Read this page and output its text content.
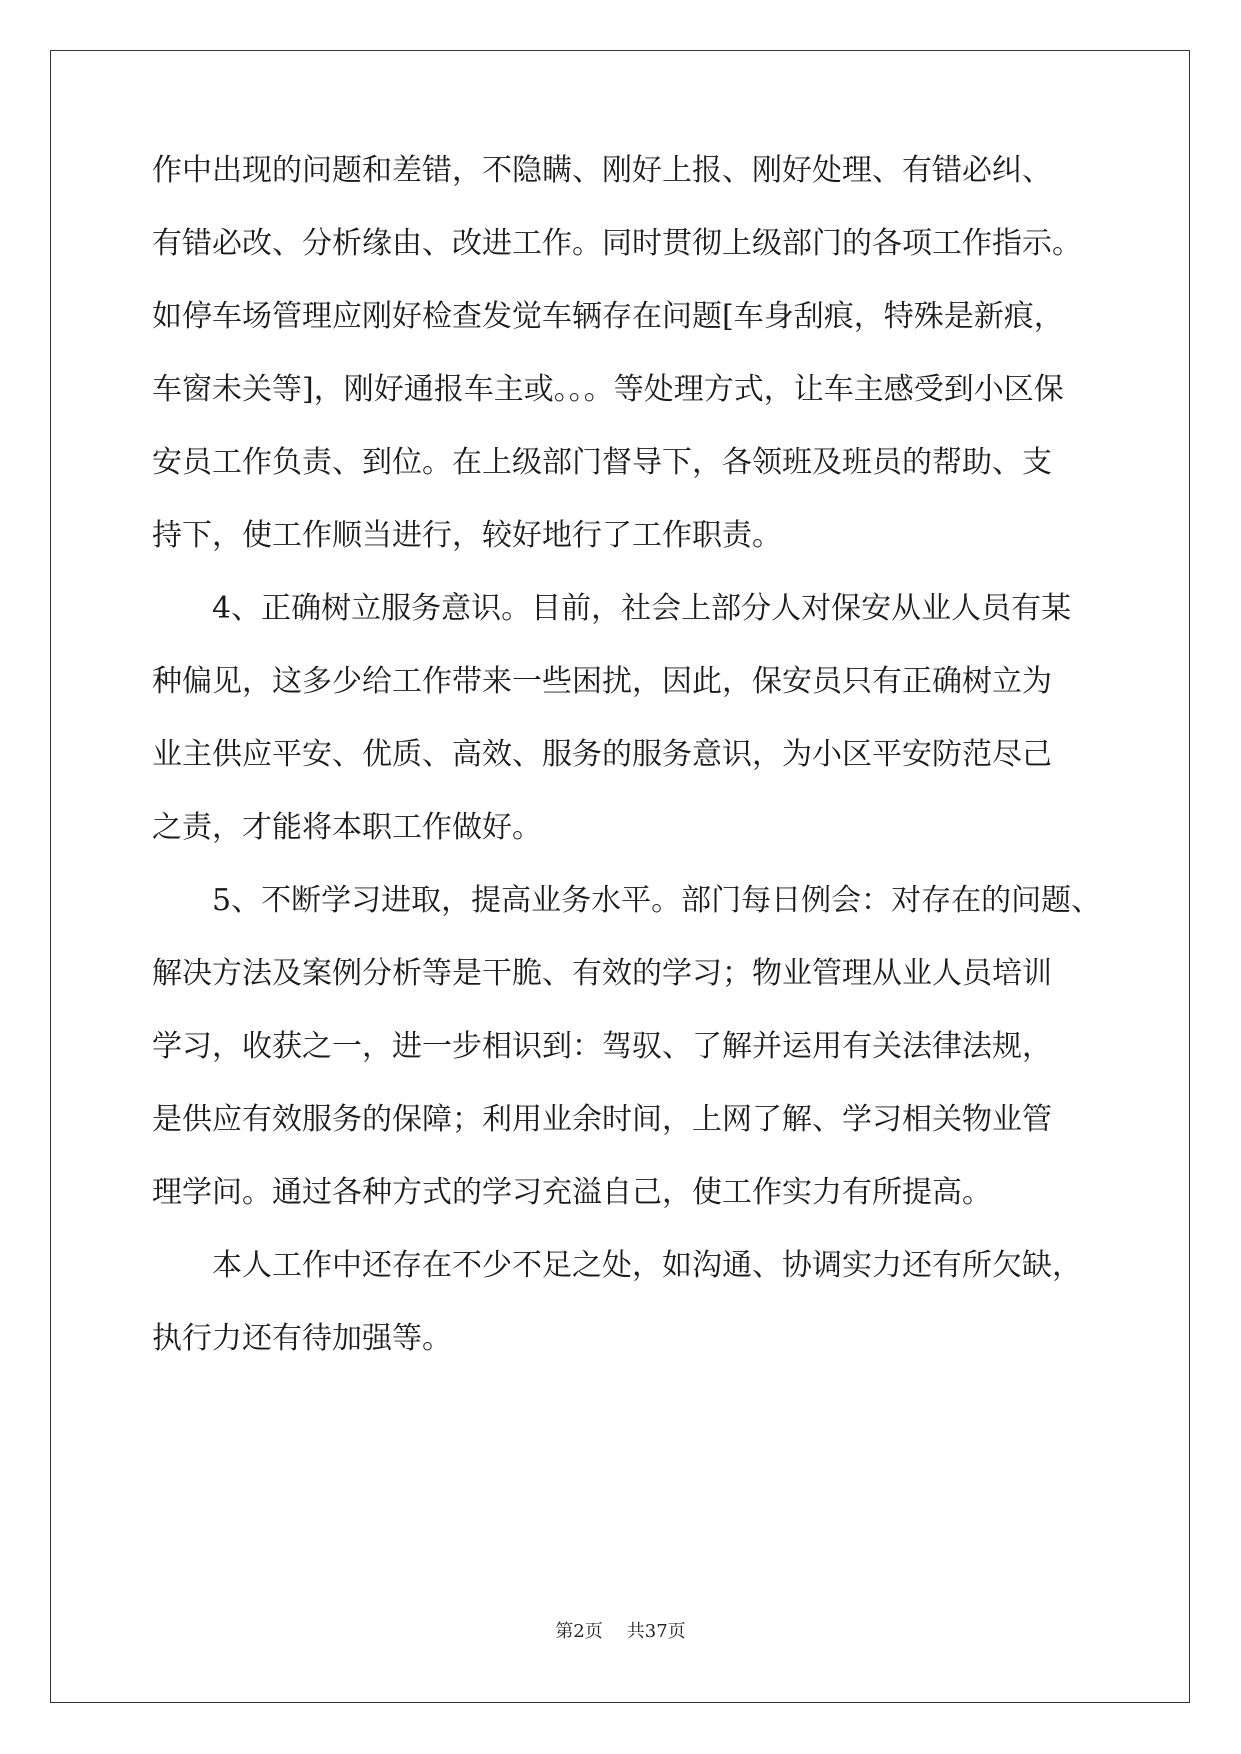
作中出现的问题和差错，不隐瞒、刚好上报、刚好处理、有错必纠、
有错必改、分析缘由、改进工作。同时贯彻上级部门的各项工作指示。
如停车场管理应刚好检查发觉车辆存在问题[车身刮痕，特殊是新痕，
车窗未关等]，刚好通报车主或。。。等处理方式，让车主感受到小区保
安员工作负责、到位。在上级部门督导下，各领班及班员的帮助、支
持下，使工作顺当进行，较好地行了工作职责。
4、正确树立服务意识。目前，社会上部分人对保安从业人员有某
种偏见，这多少给工作带来一些困扰，因此，保安员只有正确树立为
业主供应平安、优质、高效、服务的服务意识，为小区平安防范尽己
之责，才能将本职工作做好。
5、不断学习进取，提高业务水平。部门每日例会：对存在的问题、
解决方法及案例分析等是干脆、有效的学习；物业管理从业人员培训
学习，收获之一，进一步相识到：驾驭、了解并运用有关法律法规，
是供应有效服务的保障；利用业余时间，上网了解、学习相关物业管
理学问。通过各种方式的学习充溢自己，使工作实力有所提高。
本人工作中还存在不少不足之处，如沟通、协调实力还有所欠缺，
执行力还有待加强等。
第2页 共37页
